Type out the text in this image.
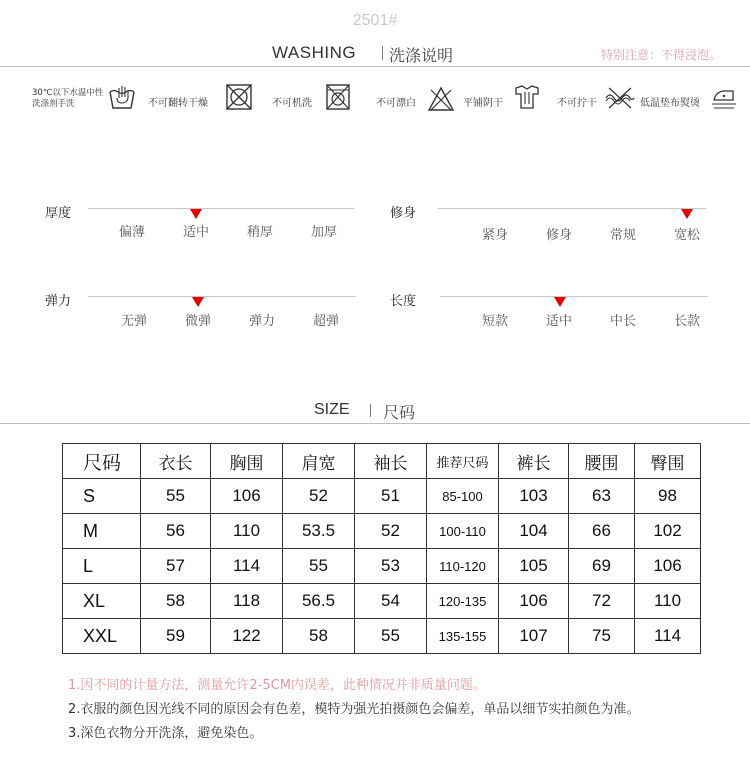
2501#
WASHING 洗涤说明	特别注意：不得浸泡。
30℃以下水温中性洗涤剂手洗	不可翻转干燥	不可机洗	不可漂白	平铺阴干	不可拧干	低温垫布熨烫
厚度
偏薄	适中	稍厚	加厚
修身
紧身	修身	常规	宽松
弹力
无弹	微弹	弹力	超弹
长度
短款	适中	中长	长款
SIZE 尺码
尺码	衣长	胸围	肩宽	袖长	推荐尺码	裤长	腰围	臀围
S	55	106	52	51	85-100	103	63	98
M	56	110	53.5	52	100-110	104	66	102
L	57	114	55	53	110-120	105	69	106
XL	58	118	56.5	54	120-135	106	72	110
XXL	59	122	58	55	135-155	107	75	114
1.因不同的计量方法，测量允许2-5CM内误差，此种情况并非质量问题。
2.衣服的颜色因光线不同的原因会有色差，模特为强光拍摄颜色会偏差，单品以细节实拍颜色为准。
3.深色衣物分开洗涤，避免染色。
